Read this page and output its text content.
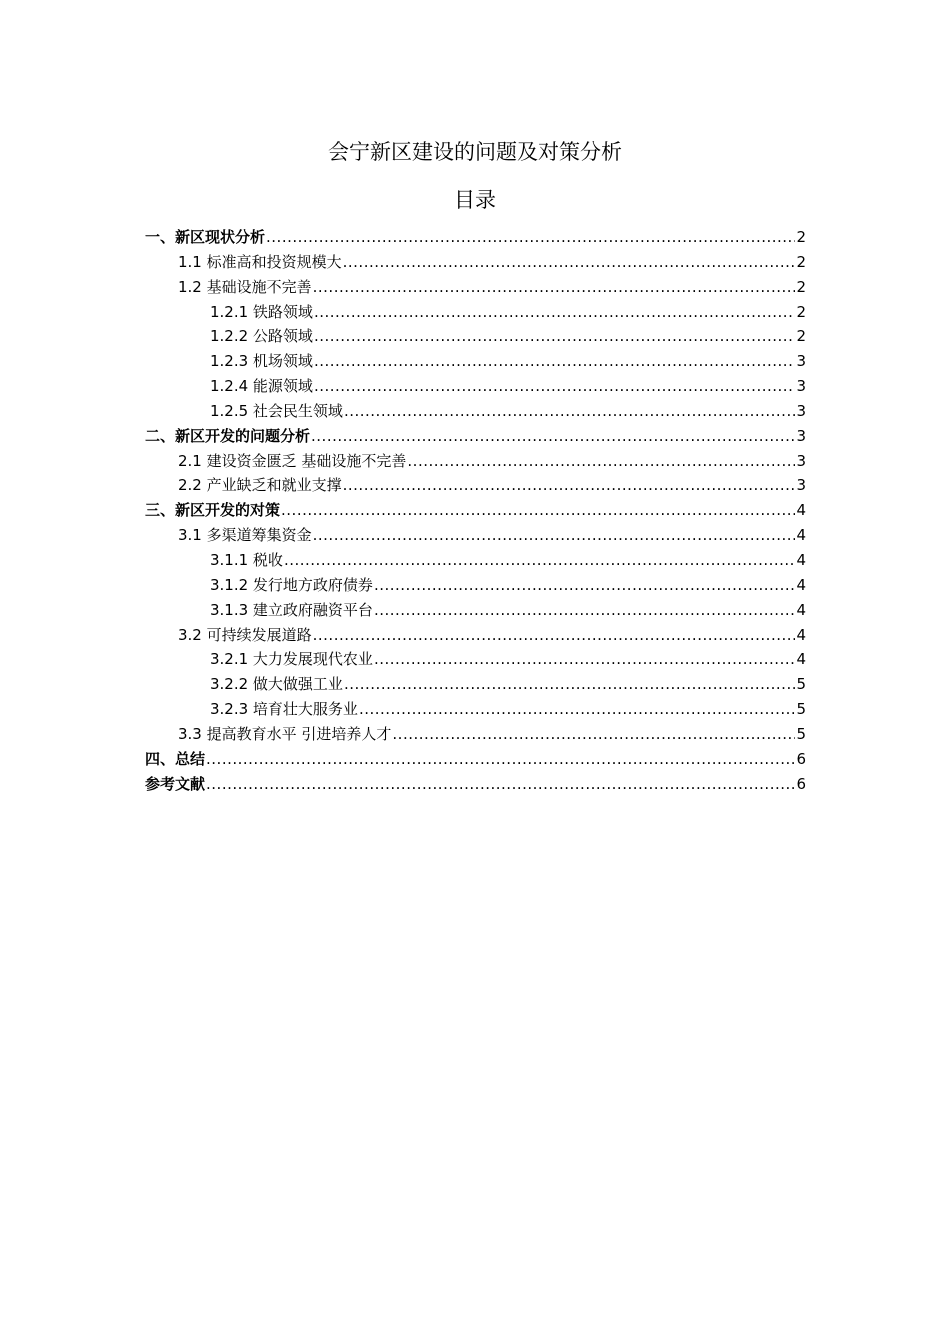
会宁新区建设的问题及对策分析
目录
一、新区现状分析 .....	2
1.1 标准高和投资规模大 .....	2
1.2 基础设施不完善 .....	2
1.2.1 铁路领域 .....	2
1.2.2 公路领域 .....	2
1.2.3 机场领域 .....	3
1.2.4 能源领域 .....	3
1.2.5 社会民生领域 .....	3
二、新区开发的问题分析 .....	3
2.1 建设资金匮乏 基础设施不完善 .....	3
2.2 产业缺乏和就业支撑 .....	3
三、新区开发的对策 .....	4
3.1 多渠道筹集资金 .....	4
3.1.1 税收 .....	4
3.1.2 发行地方政府债券 .....	4
3.1.3 建立政府融资平台 .....	4
3.2 可持续发展道路 .....	4
3.2.1 大力发展现代农业 .....	4
3.2.2 做大做强工业 .....	5
3.2.3 培育壮大服务业 .....	5
3.3 提高教育水平 引进培养人才 .....	5
四、总结 .....	6
参考文献 .....	6
